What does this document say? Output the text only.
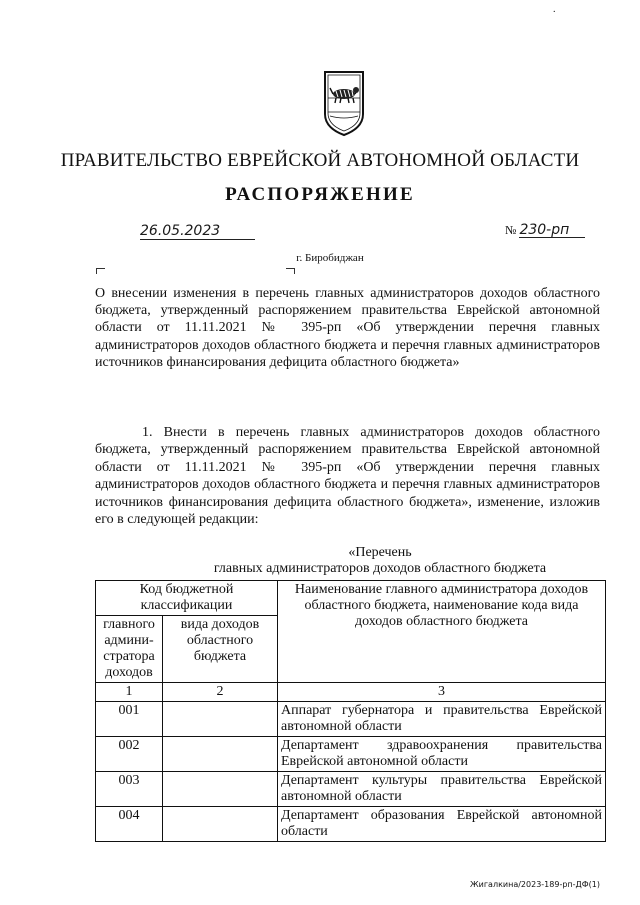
.
ПРАВИТЕЛЬСТВО ЕВРЕЙСКОЙ АВТОНОМНОЙ ОБЛАСТИ
РАСПОРЯЖЕНИЕ
26.05.2023	№ 230-рп
г. Биробиджан
О внесении изменения в перечень главных администраторов доходов областного бюджета, утвержденный распоряжением правительства Еврейской автономной области от 11.11.2021 № 395-рп «Об утверждении перечня главных администраторов доходов областного бюджета и перечня главных администраторов источников финансирования дефицита областного бюджета»
1. Внести в перечень главных администраторов доходов областного бюджета, утвержденный распоряжением правительства Еврейской автономной области от 11.11.2021 № 395-рп «Об утверждении перечня главных администраторов доходов областного бюджета и перечня главных администраторов источников финансирования дефицита областного бюджета», изменение, изложив его в следующей редакции:
«Перечень
главных администраторов доходов областного бюджета
Код бюджетной классификации		Наименование главного администратора доходов областного бюджета, наименование кода вида доходов областного бюджета
главного админи-стратора доходов	вида доходов областного бюджета	
1	2	3
001		Аппарат губернатора и правительства Еврейской автономной области
002		Департамент здравоохранения правительства Еврейской автономной области
003		Департамент культуры правительства Еврейской автономной области
004		Департамент образования Еврейской автономной области
Жигалкина/2023-189-рп-ДФ(1)
